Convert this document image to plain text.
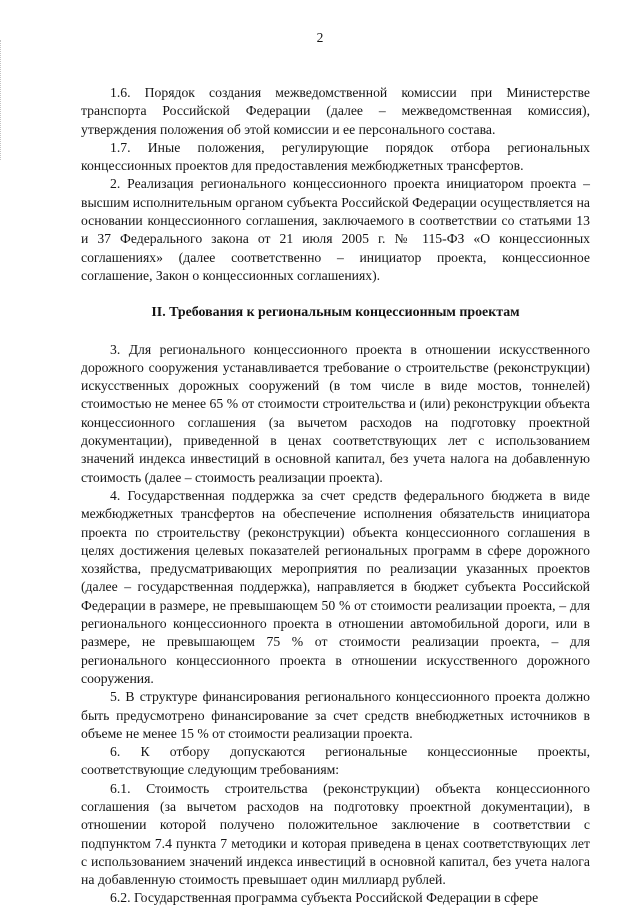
2

1.6. Порядок создания межведомственной комиссии при Министерстве транспорта Российской Федерации (далее – межведомственная комиссия), утверждения положения об этой комиссии и ее персонального состава.

1.7. Иные положения, регулирующие порядок отбора региональных концессионных проектов для предоставления межбюджетных трансфертов.

2. Реализация регионального концессионного проекта инициатором проекта – высшим исполнительным органом субъекта Российской Федерации осуществляется на основании концессионного соглашения, заключаемого в соответствии со статьями 13 и 37 Федерального закона от 21 июля 2005 г. № 115-ФЗ «О концессионных соглашениях» (далее соответственно – инициатор проекта, концессионное соглашение, Закон о концессионных соглашениях).

II. Требования к региональным концессионным проектам

3. Для регионального концессионного проекта в отношении искусственного дорожного сооружения устанавливается требование о строительстве (реконструкции) искусственных дорожных сооружений (в том числе в виде мостов, тоннелей) стоимостью не менее 65 % от стоимости строительства и (или) реконструкции объекта концессионного соглашения (за вычетом расходов на подготовку проектной документации), приведенной в ценах соответствующих лет с использованием значений индекса инвестиций в основной капитал, без учета налога на добавленную стоимость (далее – стоимость реализации проекта).

4. Государственная поддержка за счет средств федерального бюджета в виде межбюджетных трансфертов на обеспечение исполнения обязательств инициатора проекта по строительству (реконструкции) объекта концессионного соглашения в целях достижения целевых показателей региональных программ в сфере дорожного хозяйства, предусматривающих мероприятия по реализации указанных проектов (далее – государственная поддержка), направляется в бюджет субъекта Российской Федерации в размере, не превышающем 50 % от стоимости реализации проекта, – для регионального концессионного проекта в отношении автомобильной дороги, или в размере, не превышающем 75 % от стоимости реализации проекта, – для регионального концессионного проекта в отношении искусственного дорожного сооружения.

5. В структуре финансирования регионального концессионного проекта должно быть предусмотрено финансирование за счет средств внебюджетных источников в объеме не менее 15 % от стоимости реализации проекта.

6. К отбору допускаются региональные концессионные проекты, соответствующие следующим требованиям:

6.1. Стоимость строительства (реконструкции) объекта концессионного соглашения (за вычетом расходов на подготовку проектной документации), в отношении которой получено положительное заключение в соответствии с подпунктом 7.4 пункта 7 методики и которая приведена в ценах соответствующих лет с использованием значений индекса инвестиций в основной капитал, без учета налога на добавленную стоимость превышает один миллиард рублей.

6.2. Государственная программа субъекта Российской Федерации в сфере
